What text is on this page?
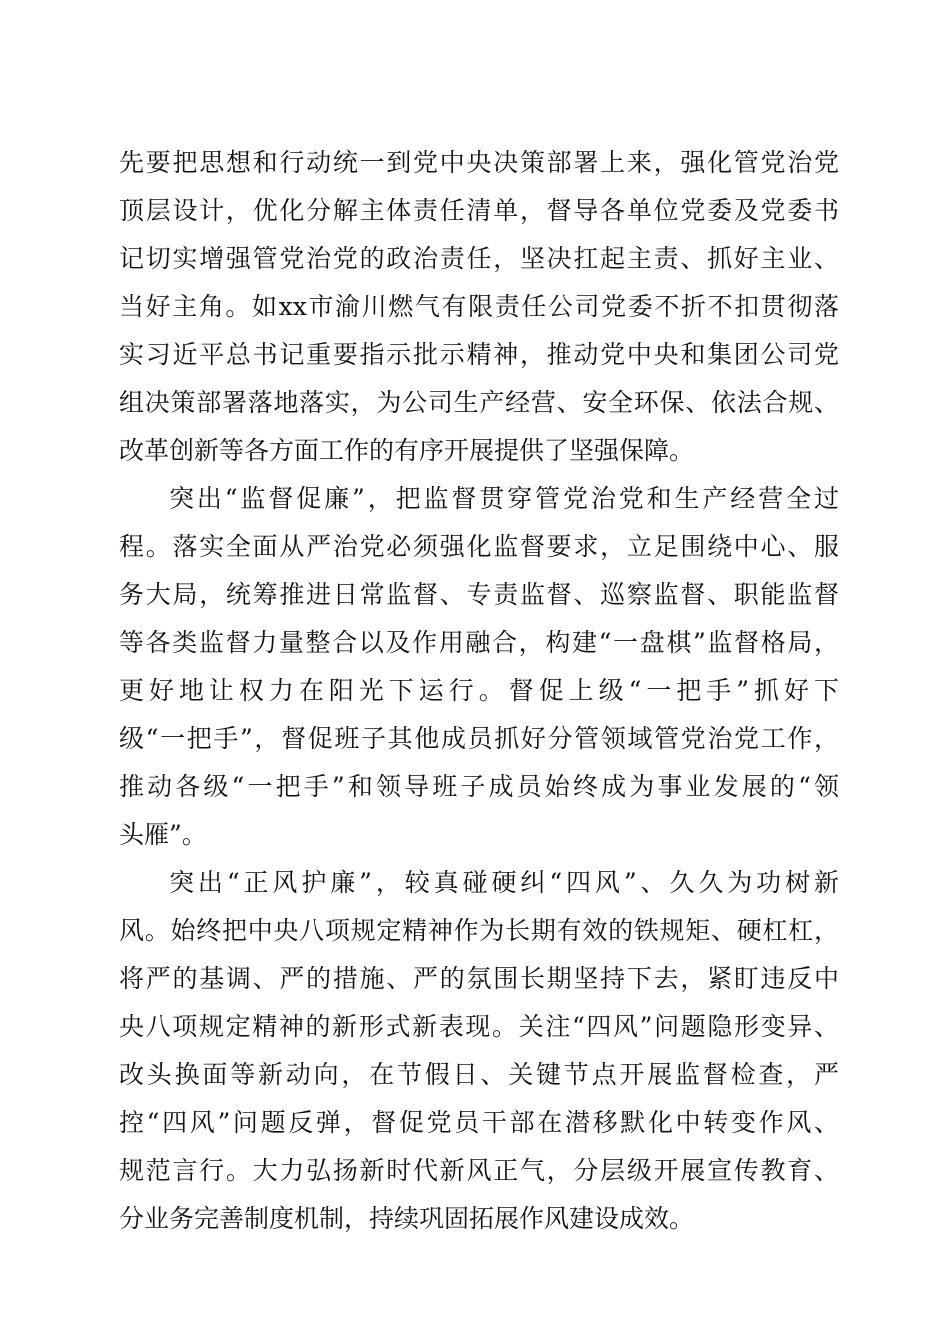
先要把思想和行动统一到党中央决策部署上来，强化管党治党
顶层设计，优化分解主体责任清单，督导各单位党委及党委书
记切实增强管党治党的政治责任，坚决扛起主责、抓好主业、
当好主角。如xx市渝川燃气有限责任公司党委不折不扣贯彻落
实习近平总书记重要指示批示精神，推动党中央和集团公司党
组决策部署落地落实，为公司生产经营、安全环保、依法合规、
改革创新等各方面工作的有序开展提供了坚强保障。
突出“监督促廉”，把监督贯穿管党治党和生产经营全过
程。落实全面从严治党必须强化监督要求，立足围绕中心、服
务大局，统筹推进日常监督、专责监督、巡察监督、职能监督
等各类监督力量整合以及作用融合，构建“一盘棋”监督格局，
更好地让权力在阳光下运行。督促上级“一把手”抓好下
级“一把手”，督促班子其他成员抓好分管领域管党治党工作，
推动各级“一把手”和领导班子成员始终成为事业发展的“领
头雁”。
突出“正风护廉”，较真碰硬纠“四风”、久久为功树新
风。始终把中央八项规定精神作为长期有效的铁规矩、硬杠杠，
将严的基调、严的措施、严的氛围长期坚持下去，紧盯违反中
央八项规定精神的新形式新表现。关注“四风”问题隐形变异、
改头换面等新动向，在节假日、关键节点开展监督检查，严
控“四风”问题反弹，督促党员干部在潜移默化中转变作风、
规范言行。大力弘扬新时代新风正气，分层级开展宣传教育、
分业务完善制度机制，持续巩固拓展作风建设成效。
